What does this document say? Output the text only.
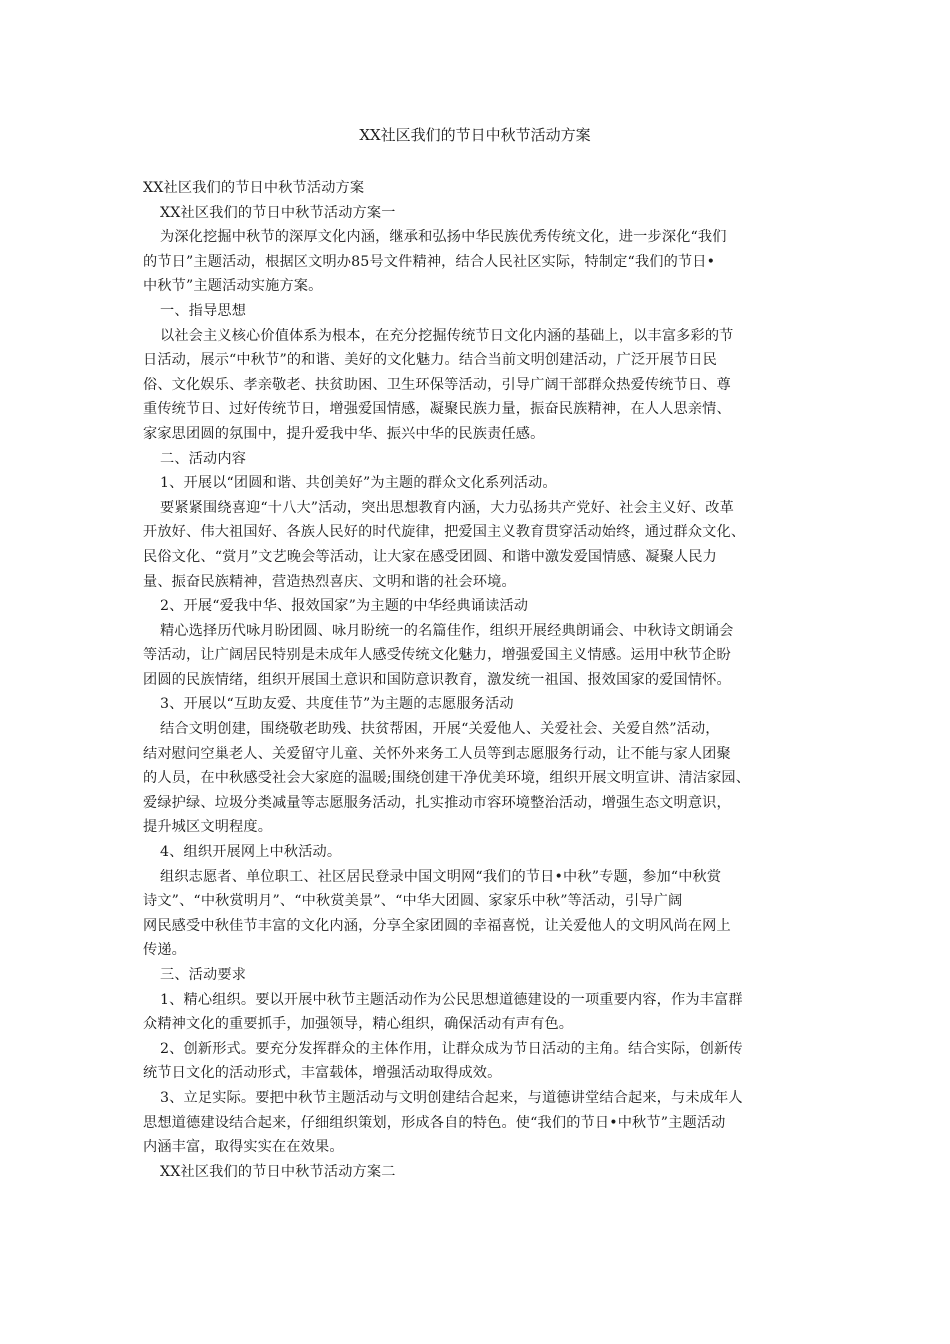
XX社区我们的节日中秋节活动方案
XX社区我们的节日中秋节活动方案
XX社区我们的节日中秋节活动方案一
为深化挖掘中秋节的深厚文化内涵，继承和弘扬中华民族优秀传统文化，进一步深化“我们
的节日”主题活动，根据区文明办85号文件精神，结合人民社区实际，特制定“我们的节日•
中秋节”主题活动实施方案。
一、指导思想
以社会主义核心价值体系为根本，在充分挖掘传统节日文化内涵的基础上，以丰富多彩的节
日活动，展示“中秋节”的和谐、美好的文化魅力。结合当前文明创建活动，广泛开展节日民
俗、文化娱乐、孝亲敬老、扶贫助困、卫生环保等活动，引导广阔干部群众热爱传统节日、尊
重传统节日、过好传统节日，增强爱国情感，凝聚民族力量，振奋民族精神，在人人思亲情、
家家思团圆的氛围中，提升爱我中华、振兴中华的民族责任感。
二、活动内容
1、开展以“团圆和谐、共创美好”为主题的群众文化系列活动。
要紧紧围绕喜迎“十八大”活动，突出思想教育内涵，大力弘扬共产党好、社会主义好、改革
开放好、伟大祖国好、各族人民好的时代旋律，把爱国主义教育贯穿活动始终，通过群众文化、
民俗文化、“赏月”文艺晚会等活动，让大家在感受团圆、和谐中激发爱国情感、凝聚人民力
量、振奋民族精神，营造热烈喜庆、文明和谐的社会环境。
2、开展“爱我中华、报效国家”为主题的中华经典诵读活动
精心选择历代咏月盼团圆、咏月盼统一的名篇佳作，组织开展经典朗诵会、中秋诗文朗诵会
等活动，让广阔居民特别是未成年人感受传统文化魅力，增强爱国主义情感。运用中秋节企盼
团圆的民族情绪，组织开展国土意识和国防意识教育，激发统一祖国、报效国家的爱国情怀。
3、开展以“互助友爱、共度佳节”为主题的志愿服务活动
结合文明创建，围绕敬老助残、扶贫帮困，开展“关爱他人、关爱社会、关爱自然”活动，
结对慰问空巢老人、关爱留守儿童、关怀外来务工人员等到志愿服务行动，让不能与家人团聚
的人员，在中秋感受社会大家庭的温暖;围绕创建干净优美环境，组织开展文明宣讲、清洁家园、
爱绿护绿、垃圾分类减量等志愿服务活动，扎实推动市容环境整治活动，增强生态文明意识，
提升城区文明程度。
4、组织开展网上中秋活动。
组织志愿者、单位职工、社区居民登录中国文明网“我们的节日•中秋”专题，参加“中秋赏
诗文”、“中秋赏明月”、“中秋赏美景”、“中华大团圆、家家乐中秋”等活动，引导广阔
网民感受中秋佳节丰富的文化内涵，分享全家团圆的幸福喜悦，让关爱他人的文明风尚在网上
传递。
三、活动要求
1、精心组织。要以开展中秋节主题活动作为公民思想道德建设的一项重要内容，作为丰富群
众精神文化的重要抓手，加强领导，精心组织，确保活动有声有色。
2、创新形式。要充分发挥群众的主体作用，让群众成为节日活动的主角。结合实际，创新传
统节日文化的活动形式，丰富载体，增强活动取得成效。
3、立足实际。要把中秋节主题活动与文明创建结合起来，与道德讲堂结合起来，与未成年人
思想道德建设结合起来，仔细组织策划，形成各自的特色。使“我们的节日•中秋节”主题活动
内涵丰富，取得实实在在效果。
XX社区我们的节日中秋节活动方案二
